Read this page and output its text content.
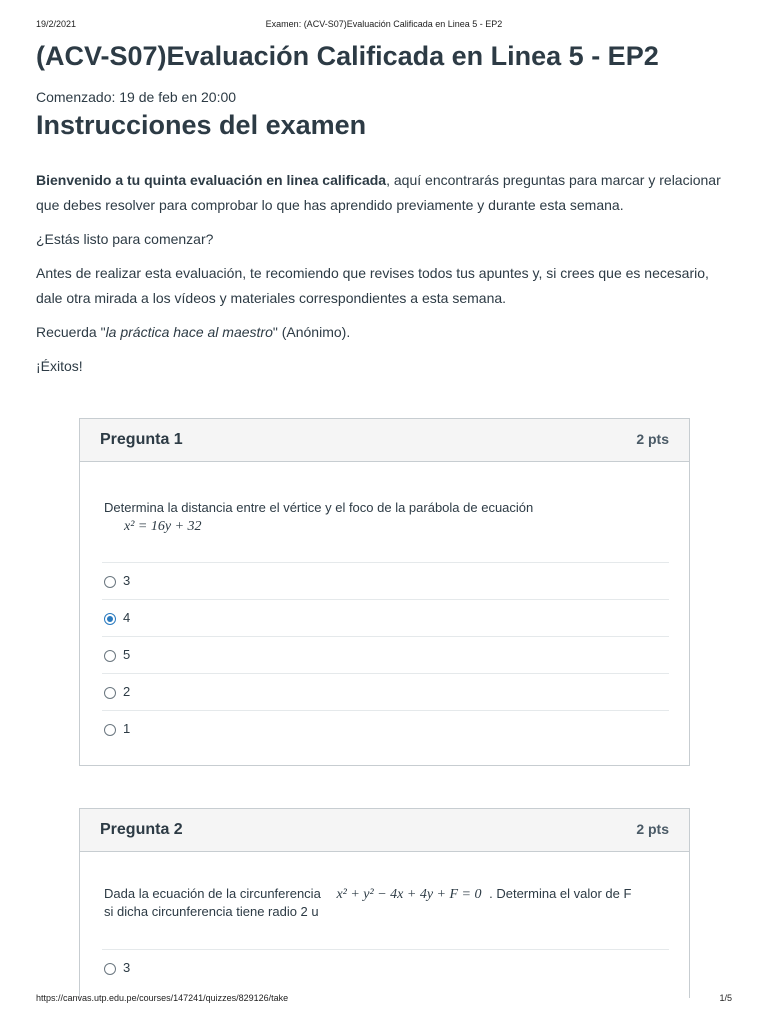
19/2/2021	Examen: (ACV-S07)Evaluación Calificada en Linea 5 - EP2
(ACV-S07)Evaluación Calificada en Linea 5 - EP2
Comenzado: 19 de feb en 20:00
Instrucciones del examen

Bienvenido a tu quinta evaluación en linea calificada, aquí encontrarás preguntas para marcar y relacionar que debes resolver para comprobar lo que has aprendido previamente y durante esta semana.

¿Estás listo para comenzar?

Antes de realizar esta evaluación, te recomiendo que revises todos tus apuntes y, si crees que es necesario, dale otra mirada a los vídeos y materiales correspondientes a esta semana.

Recuerda "la práctica hace al maestro" (Anónimo).

¡Éxitos!

Pregunta 1	2 pts
Determina la distancia entre el vértice y el foco de la parábola de ecuación
x² = 16y + 32
3
4
5
2
1
Pregunta 2	2 pts
Dada la ecuación de la circunferencia x² + y² − 4x + 4y + F = 0 . Determina el valor de F
si dicha circunferencia tiene radio 2 u
3
https://canvas.utp.edu.pe/courses/147241/quizzes/829126/take	1/5
